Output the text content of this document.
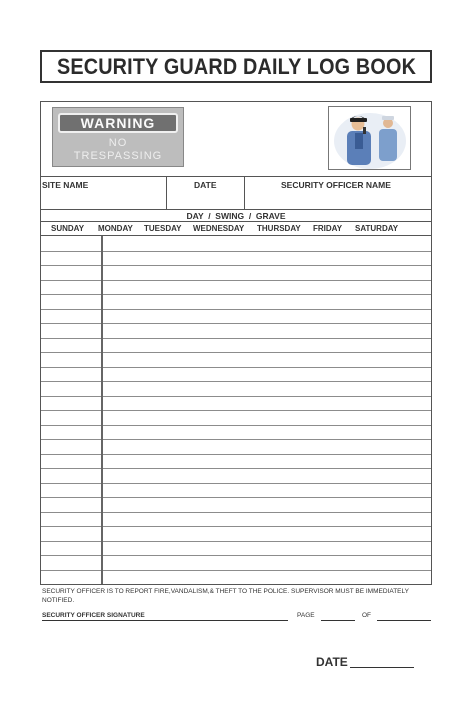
SECURITY GUARD DAILY LOG BOOK
WARNING
NO
TRESPASSING
SITE NAME	DATE	SECURITY OFFICER NAME
DAY  /  SWING  /  GRAVE
SUNDAY MONDAY TUESDAY WEDNESDAY THURSDAY FRIDAY SATURDAY
SECURITY OFFICER IS TO REPORT FIRE,VANDALISM,& THEFT TO THE POLICE. SUPERVISOR MUST BE IMMEDIATELY NOTIFIED.
SECURITY OFFICER SIGNATURE	PAGE	OF
DATE
